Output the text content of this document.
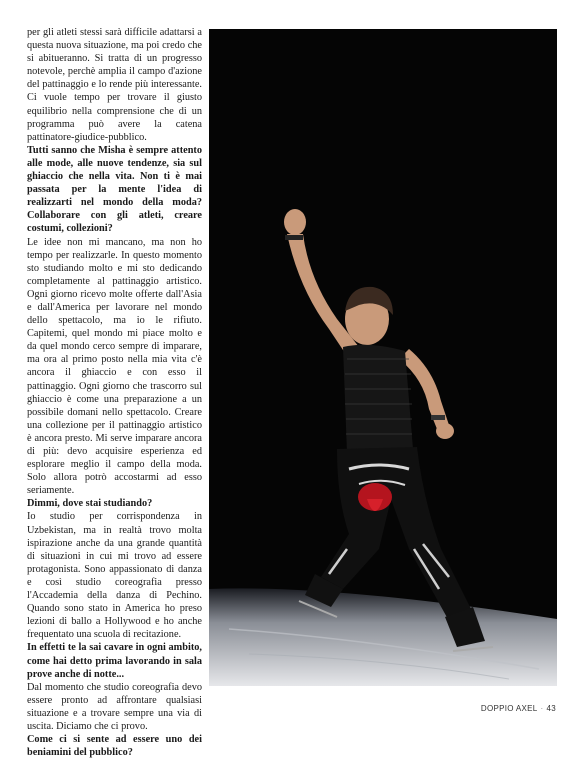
per gli atleti stessi sarà difficile adattarsi a questa nuova situazione, ma poi credo che si abitueranno. Si tratta di un progresso notevole, perchè amplia il campo d'azione del pattinaggio e lo rende più interessante. Ci vuole tempo per trovare il giusto equilibrio nella comprensione che di un programma può avere la catena pattinatore-giudice-pubblico.

Tutti sanno che Misha è sempre attento alle mode, alle nuove tendenze, sia sul ghiaccio che nella vita. Non ti è mai passata per la mente l'idea di realizzarti nel mondo della moda? Collaborare con gli atleti, creare costumi, collezioni?

Le idee non mi mancano, ma non ho tempo per realizzarle. In questo momento sto studiando molto e mi sto dedicando completamente al pattinaggio artistico. Ogni giorno ricevo molte offerte dall'Asia e dall'America per lavorare nel mondo dello spettacolo, ma io le rifiuto. Capitemi, quel mondo mi piace molto e da quel mondo cerco sempre di imparare, ma ora al primo posto nella mia vita c'è ancora il ghiaccio e con esso il pattinaggio. Ogni giorno che trascorro sul ghiaccio è come una preparazione a un possibile domani nello spettacolo. Creare una collezione per il pattinaggio artistico è ancora presto. Mi serve imparare ancora di più: devo acquisire esperienza ed esplorare meglio il campo della moda. Solo allora potrò accostarmi ad esso seriamente.

Dimmi, dove stai studiando?

Io studio per corrispondenza in Uzbekistan, ma in realtà trovo molta ispirazione anche da una grande quantità di situazioni in cui mi trovo ad essere protagonista. Sono appassionato di danza e così studio coreografia presso l'Accademia della danza di Pechino. Quando sono stato in America ho preso lezioni di ballo a Hollywood e ho anche frequentato una scuola di recitazione.

In effetti te la sai cavare in ogni ambito, come hai detto prima lavorando in sala prove anche di notte...

Dal momento che studio coreografia devo essere pronto ad affrontare qualsiasi situazione e a trovare sempre una via di uscita. Diciamo che ci provo.

Come ci si sente ad essere uno dei beniamini del pubblico?

DOPPIO AXEL · 43
